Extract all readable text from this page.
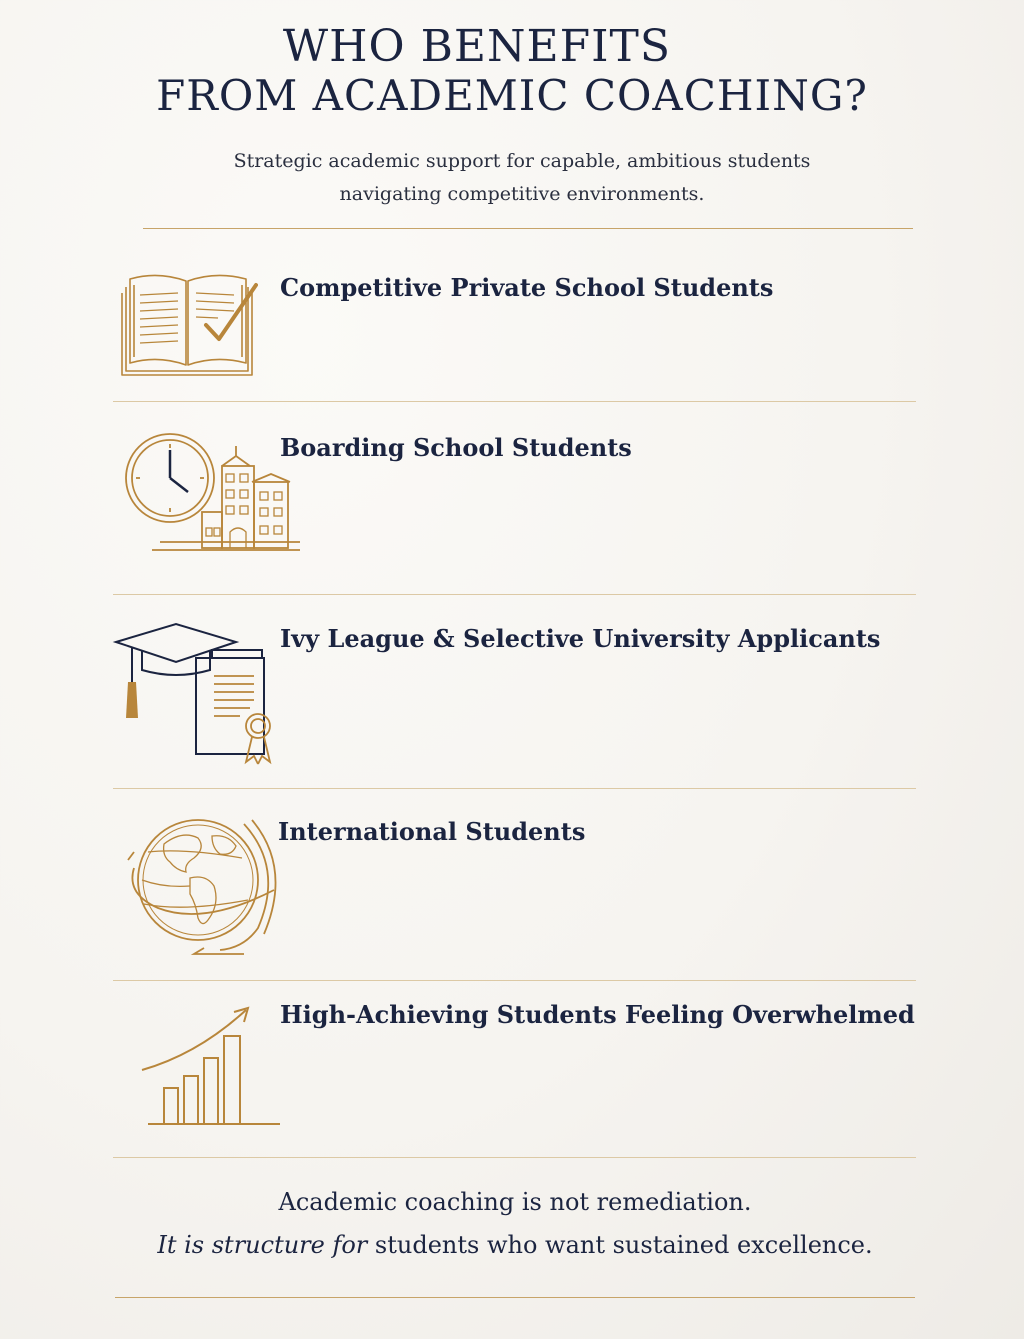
WHO BENEFITS
FROM ACADEMIC COACHING?
Strategic academic support for capable, ambitious students
navigating competitive environments.
Competitive Private School Students
Boarding School Students
Ivy League & Selective University Applicants
International Students
High-Achieving Students Feeling Overwhelmed
Academic coaching is not remediation.
It is structure for students who want sustained excellence.
